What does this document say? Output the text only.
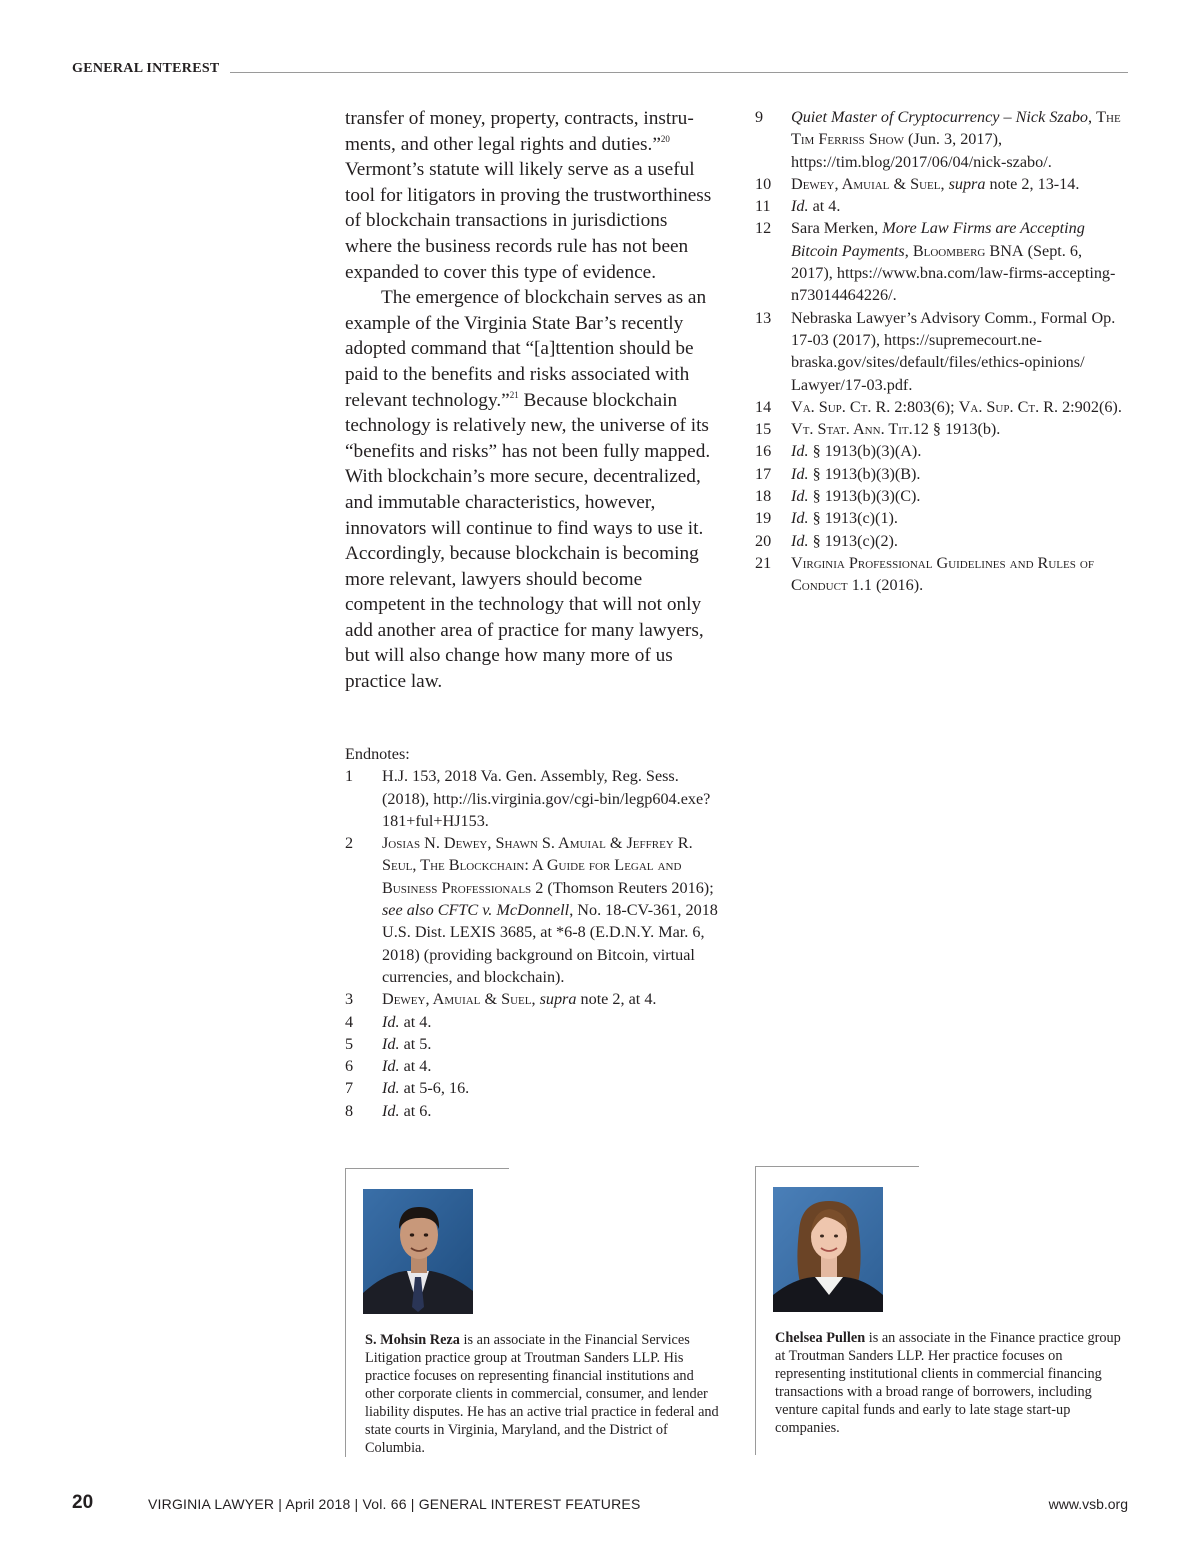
GENERAL INTEREST

transfer of money, property, contracts, instruments, and other legal rights and duties.”$^{20}$ Vermont’s statute will likely serve as a useful tool for litigators in proving the trustworthiness of blockchain transactions in jurisdictions where the business records rule has not been expanded to cover this type of evidence.

The emergence of blockchain serves as an example of the Virginia State Bar’s recently adopted command that “[a]ttention should be paid to the benefits and risks associated with relevant technology.”$^{21}$ Because blockchain technology is relatively new, the universe of its “benefits and risks” has not been fully mapped. With blockchain’s more secure, decentralized, and immutable characteristics, however, innovators will continue to find ways to use it. Accordingly, because blockchain is becoming more relevant, lawyers should become competent in the technology that will not only add another area of practice for many lawyers, but will also change how many more of us practice law.

Endnotes:
1	H.J. 153, 2018 Va. Gen. Assembly, Reg. Sess. (2018), http://lis.virginia.gov/cgi-bin/legp604.​exe?181+ful+HJ153.
2	Josias N. Dewey, Shawn S. Amuial & Jeffrey R. Seul, The Blockchain: A Guide for Legal and Business Professionals 2 (Thomson Reuters 2016); see also CFTC v. McDonnell, No. 18-CV-361, 2018 U.S. Dist. LEXIS 3685, at *6-8 (E.D.N.Y. Mar. 6, 2018) (providing background on Bitcoin, virtual currencies, and blockchain).
3	Dewey, Amuial & Suel, supra note 2, at 4.
4	Id. at 4.
5	Id. at 5.
6	Id. at 4.
7	Id. at 5-6, 16.
8	Id. at 6.
9	Quiet Master of Cryptocurrency – Nick Szabo, The Tim Ferriss Show (Jun. 3, 2017), https://tim.blog/2017/06/04/nick-szabo/.
10	Dewey, Amuial & Suel, supra note 2, 13-14.
11	Id. at 4.
12	Sara Merken, More Law Firms are Accepting Bitcoin Payments, Bloomberg BNA (Sept. 6, 2017), https://www.bna.com/law-firms-accepting-n73014464226/.
13	Nebraska Lawyer’s Advisory Comm., Formal Op. 17-03 (2017), https://supremecourt.nebraska.gov/sites/default/files/ethics-opinions/​Lawyer/17-03.pdf.
14	Va. Sup. Ct. R. 2:803(6); Va. Sup. Ct. R. 2:902(6).
15	Vt. Stat. Ann. Tit.12 § 1913(b).
16	Id. § 1913(b)(3)(A).
17	Id. § 1913(b)(3)(B).
18	Id. § 1913(b)(3)(C).
19	Id. § 1913(c)(1).
20	Id. § 1913(c)(2).
21	Virginia Professional Guidelines and Rules of Conduct 1.1 (2016).
S. Mohsin Reza is an associate in the Financial Services Litigation practice group at Troutman Sanders LLP. His practice focuses on representing financial institutions and other corporate clients in commercial, consumer, and lender liability disputes. He has an active trial practice in federal and state courts in Virginia, Maryland, and the District of Columbia.
Chelsea Pullen is an associate in the Finance practice group at Troutman Sanders LLP. Her practice focuses on representing institutional clients in commercial financing transactions with a broad range of borrowers, including venture capital funds and early to late stage start-up companies.
20	VIRGINIA LAWYER | April 2018 | Vol. 66 | GENERAL INTEREST FEATURES	www.vsb.org
